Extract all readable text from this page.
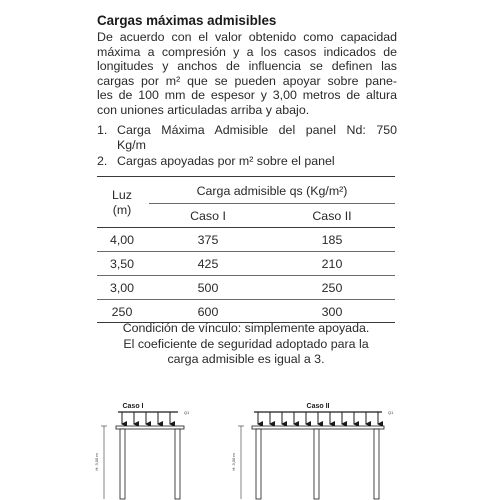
Cargas máximas admisibles
De acuerdo con el valor obtenido como capacidad
máxima a compresión y a los casos indicados de
longitudes y anchos de influencia se definen las
cargas por m² que se pueden apoyar sobre pane-
les de 100 mm de espesor y 3,00 metros de altura
con uniones articuladas arriba y abajo.
1. Carga Máxima Admisible del panel Nd: 750
Kg/m
2. Cargas apoyadas por m² sobre el panel
Luz
(m)
Carga admisible qs (Kg/m²)
Caso I	Caso II
4,00	375	185
3,50	425	210
3,00	500	250
250	600	300
Condición de vínculo: simplemente apoyada.
El coeficiente de seguridad adoptado para la
carga admisible es igual a 3.
Caso I
Q1
H: 3,00 m
Caso II
Q1
H: 3,00 m
